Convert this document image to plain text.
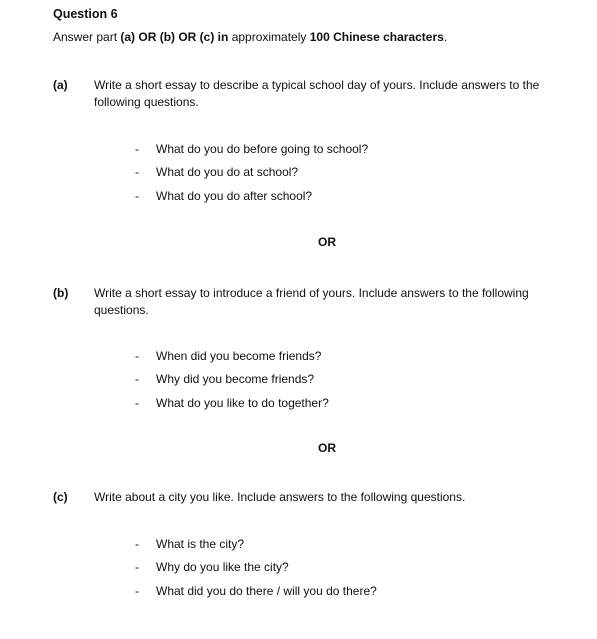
Question 6
Answer part (a) OR (b) OR (c) in approximately 100 Chinese characters.
(a) Write a short essay to describe a typical school day of yours. Include answers to the following questions.
- What do you do before going to school?
- What do you do at school?
- What do you do after school?
OR
(b) Write a short essay to introduce a friend of yours. Include answers to the following questions.
- When did you become friends?
- Why did you become friends?
- What do you like to do together?
OR
(c) Write about a city you like. Include answers to the following questions.
- What is the city?
- Why do you like the city?
- What did you do there / will you do there?
